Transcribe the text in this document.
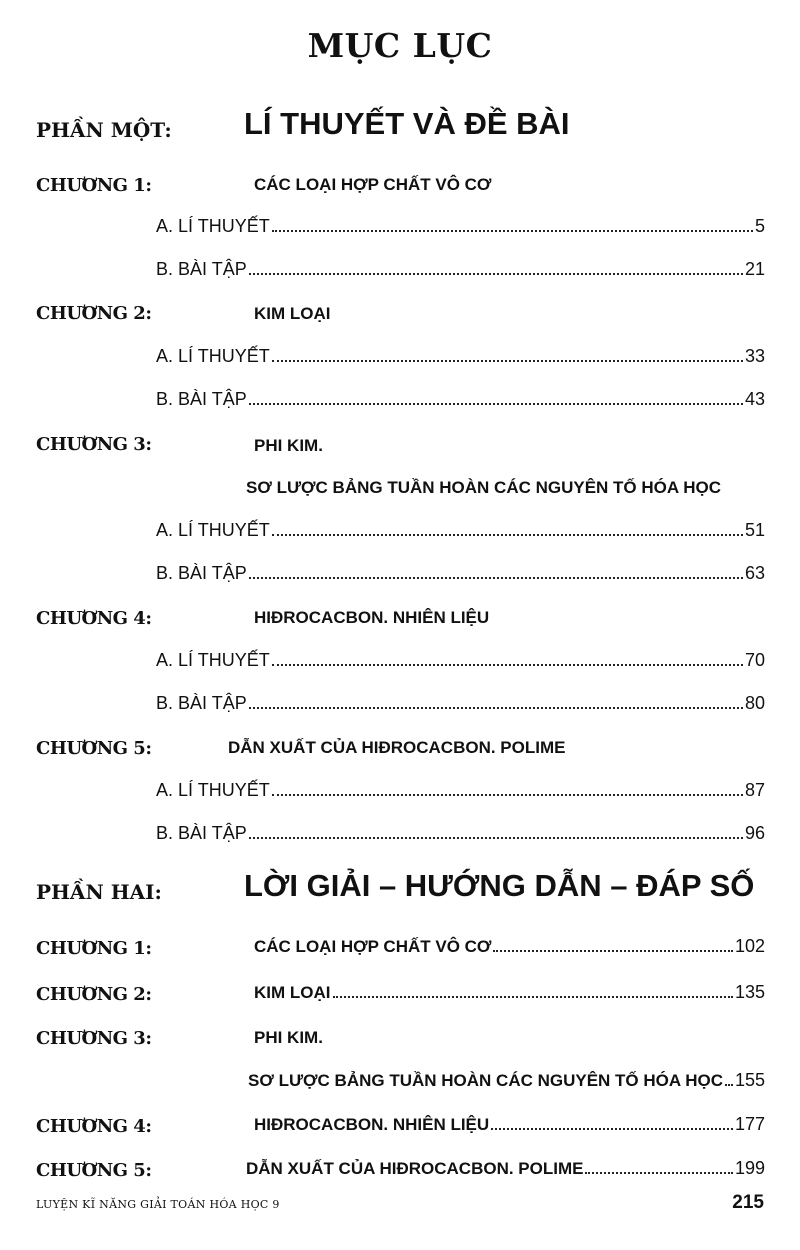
MỤC LỤC
PHẦN MỘT: LÍ THUYẾT VÀ ĐỀ BÀI
CHƯƠNG 1:	CÁC LOẠI HỢP CHẤT VÔ CƠ
A. LÍ THUYẾT	5
B. BÀI TẬP	21
CHƯƠNG 2:	KIM LOẠI
A. LÍ THUYẾT	33
B. BÀI TẬP	43
CHƯƠNG 3:	PHI KIM.
SƠ LƯỢC BẢNG TUẦN HOÀN CÁC NGUYÊN TỐ HÓA HỌC
A. LÍ THUYẾT	51
B. BÀI TẬP	63
CHƯƠNG 4:	HIĐROCACBON. NHIÊN LIỆU
A. LÍ THUYẾT	70
B. BÀI TẬP	80
CHƯƠNG 5:	DẪN XUẤT CỦA HIĐROCACBON. POLIME
A. LÍ THUYẾT	87
B. BÀI TẬP	96
PHẦN HAI:	LỜI GIẢI – HƯỚNG DẪN – ĐÁP SỐ
CHƯƠNG 1:	CÁC LOẠI HỢP CHẤT VÔ CƠ	102
CHƯƠNG 2:	KIM LOẠI	135
CHƯƠNG 3:	PHI KIM.
SƠ LƯỢC BẢNG TUẦN HOÀN CÁC NGUYÊN TỐ HÓA HỌC 155
CHƯƠNG 4:	HIĐROCACBON. NHIÊN LIỆU	177
CHƯƠNG 5:	DẪN XUẤT CỦA HIĐROCACBON. POLIME	199
LUYỆN KĨ NĂNG GIẢI TOÁN HÓA HỌC 9	215
